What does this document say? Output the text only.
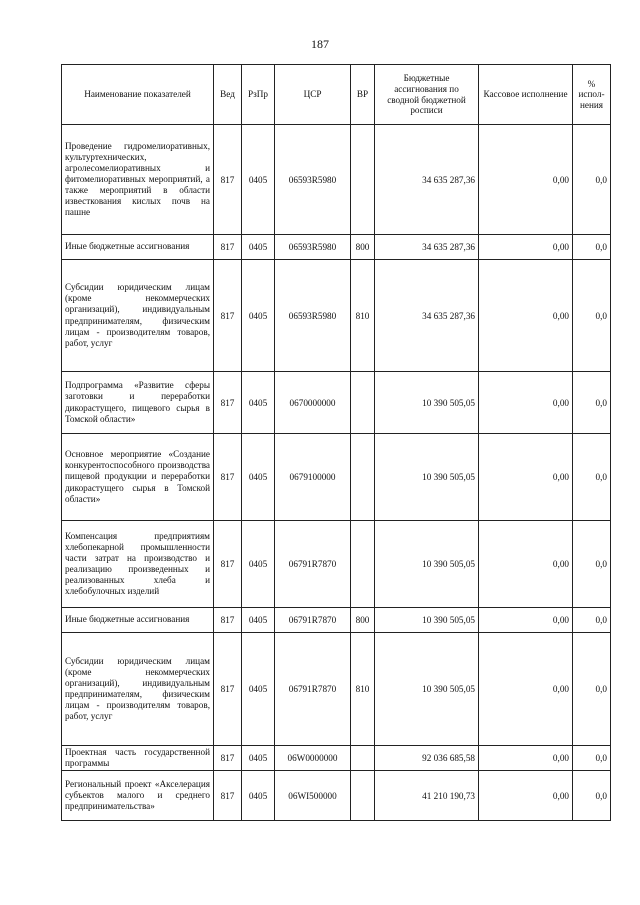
187
Наименование показателей	Вед	РзПр	ЦСР	ВР	Бюджетные ассигнования по сводной бюджетной росписи	Кассовое исполнение	% испол-нения
Проведение гидромелиоративных, культуртехнических, агролесомелиоративных и фитомелиоративных мероприятий, а также мероприятий в области известкования кислых почв на пашне	817	0405	06593R5980		34 635 287,36	0,00	0,0
Иные бюджетные ассигнования	817	0405	06593R5980	800	34 635 287,36	0,00	0,0
Субсидии юридическим лицам (кроме некоммерческих организаций), индивидуальным предпринимателям, физическим лицам - производителям товаров, работ, услуг	817	0405	06593R5980	810	34 635 287,36	0,00	0,0
Подпрограмма «Развитие сферы заготовки и переработки дикорастущего, пищевого сырья в Томской области»	817	0405	0670000000		10 390 505,05	0,00	0,0
Основное мероприятие «Создание конкурентоспособного производства пищевой продукции и переработки дикорастущего сырья в Томской области»	817	0405	0679100000		10 390 505,05	0,00	0,0
Компенсация предприятиям хлебопекарной промышленности части затрат на производство и реализацию произведенных и реализованных хлеба и хлебобулочных изделий	817	0405	06791R7870		10 390 505,05	0,00	0,0
Иные бюджетные ассигнования	817	0405	06791R7870	800	10 390 505,05	0,00	0,0
Субсидии юридическим лицам (кроме некоммерческих организаций), индивидуальным предпринимателям, физическим лицам - производителям товаров, работ, услуг	817	0405	06791R7870	810	10 390 505,05	0,00	0,0
Проектная часть государственной программы	817	0405	06W0000000		92 036 685,58	0,00	0,0
Региональный проект «Акселерация субъектов малого и среднего предпринимательства»	817	0405	06WI500000		41 210 190,73	0,00	0,0
